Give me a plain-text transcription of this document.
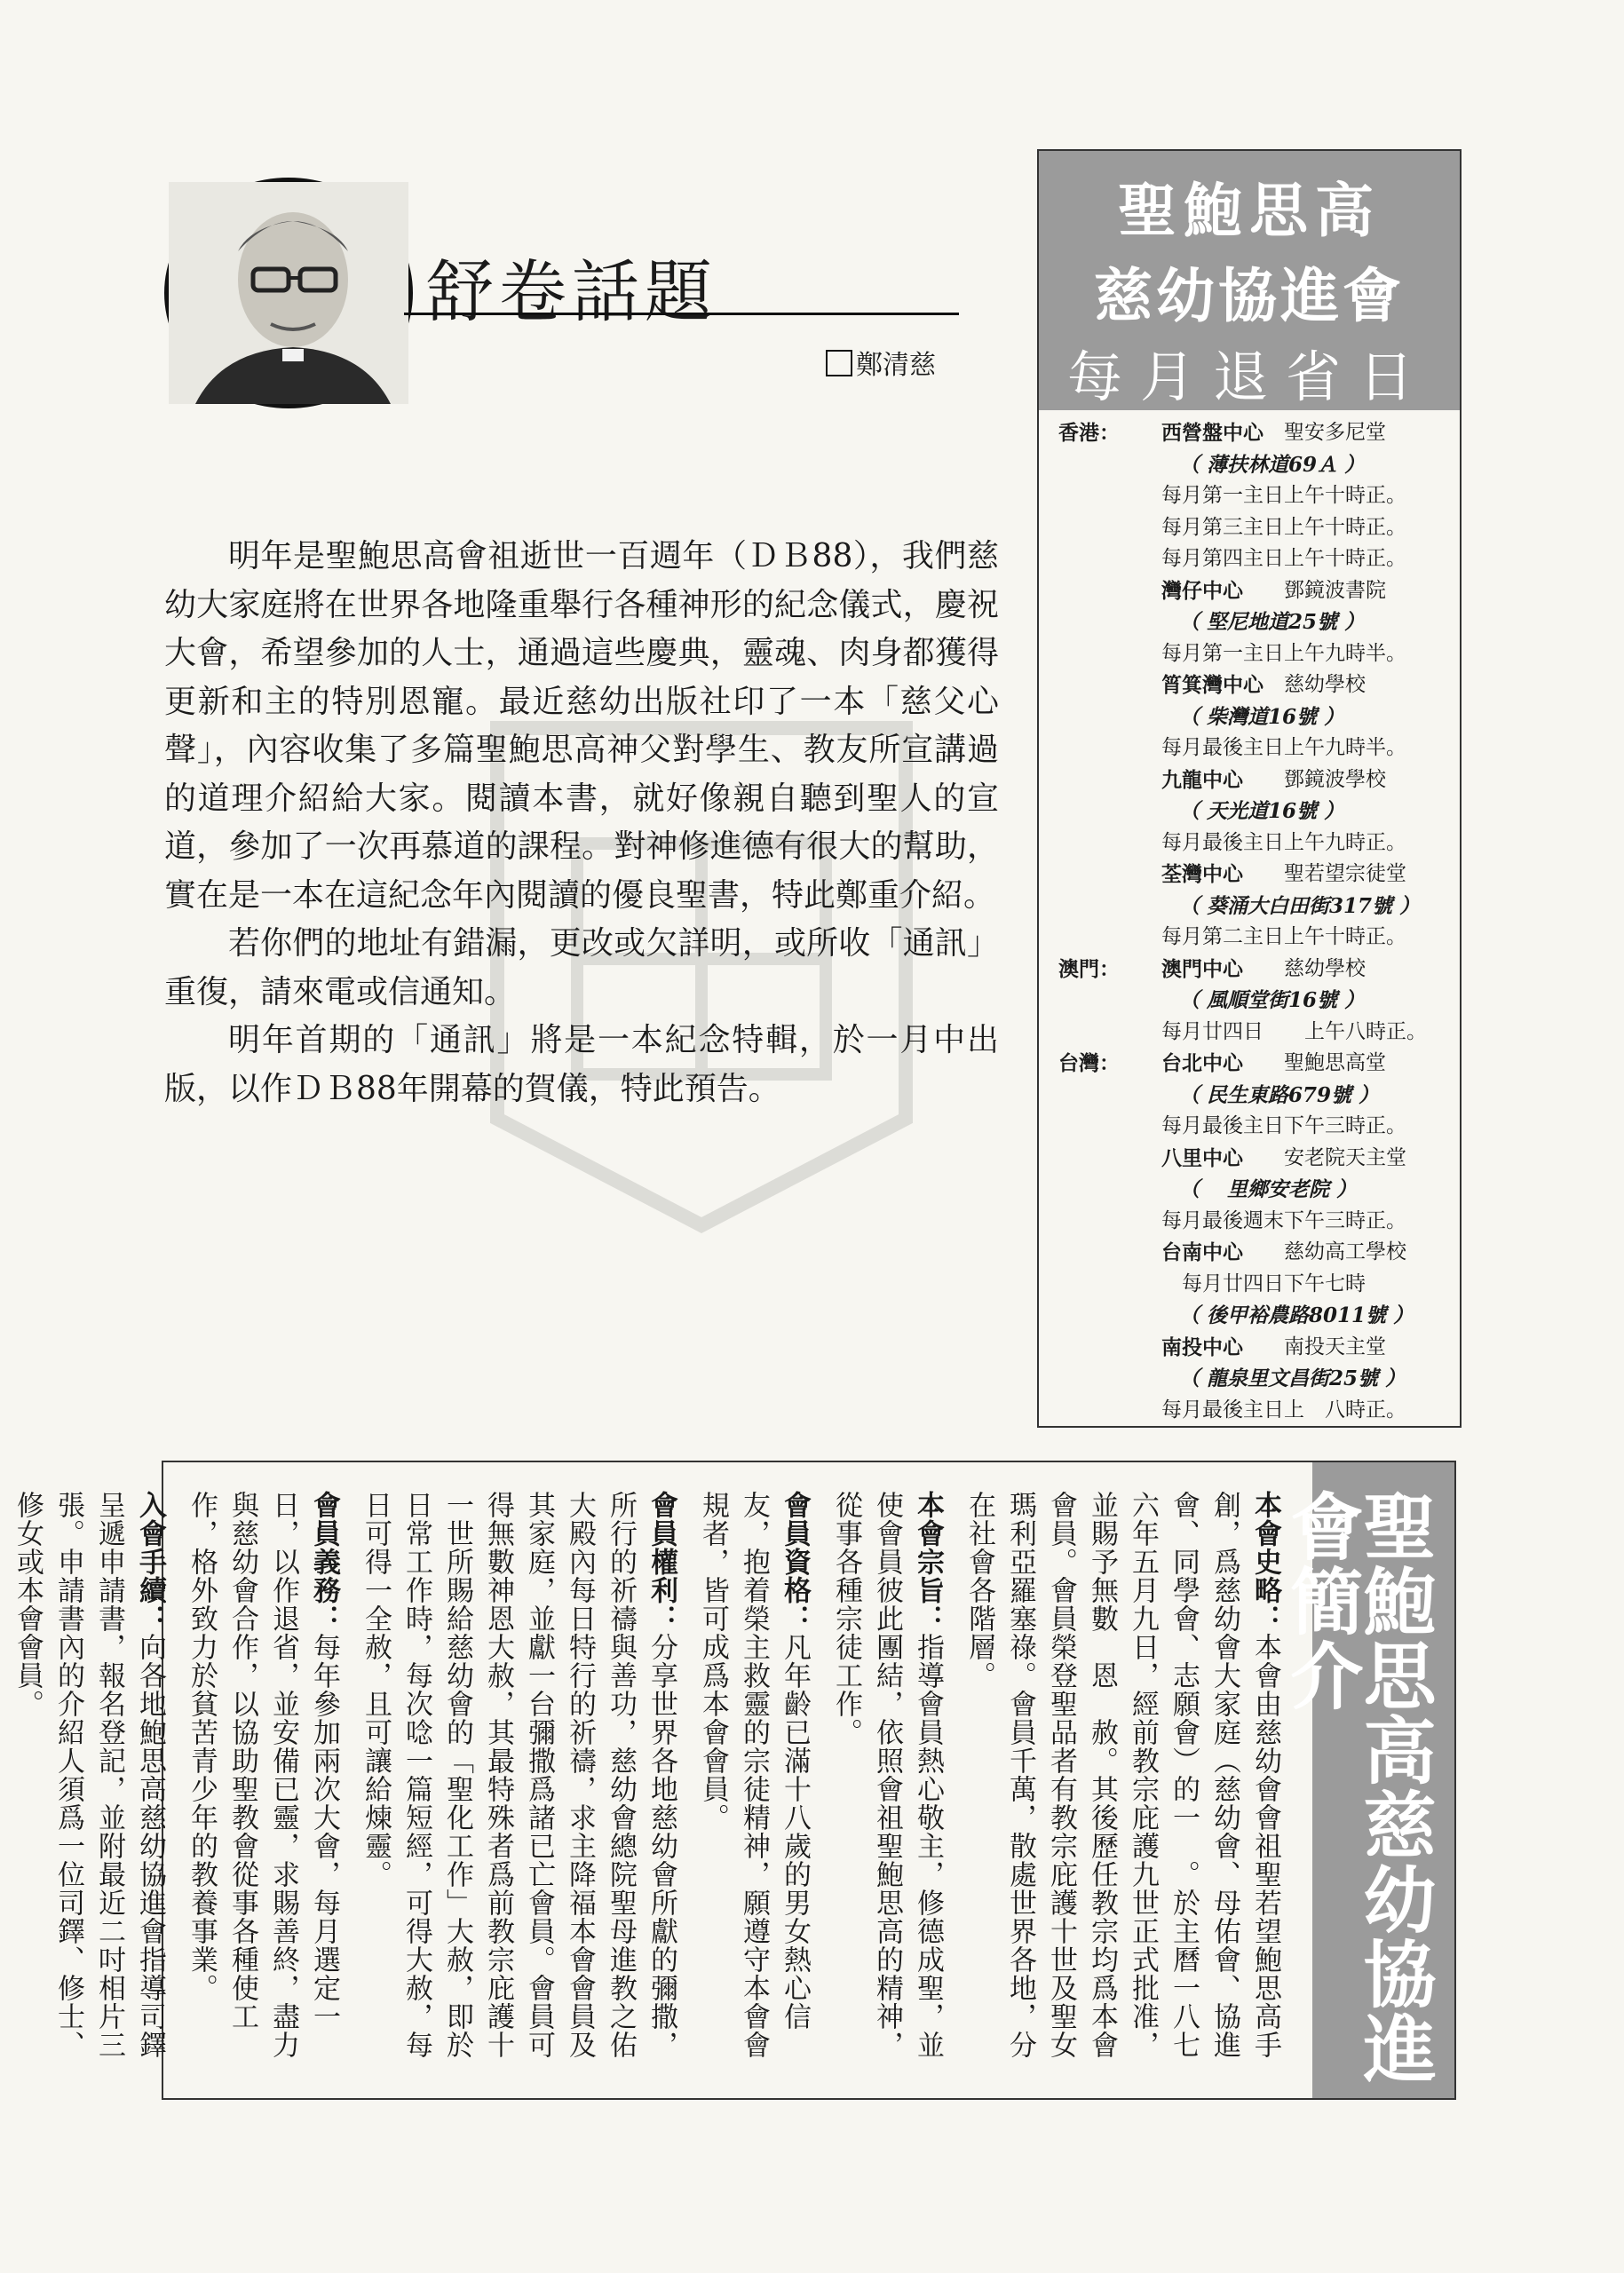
舒卷話題
鄭清慈

明年是聖鮑思高會祖逝世一百週年（ＤＢ88），我們慈幼大家庭將在世界各地隆重舉行各種神形的紀念儀式，慶祝大會，希望參加的人士，通過這些慶典，靈魂、肉身都獲得更新和主的特別恩寵。最近慈幼出版社印了一本「慈父心聲」，內容收集了多篇聖鮑思高神父對學生、教友所宣講過的道理介紹給大家。閱讀本書，就好像親自聽到聖人的宣道，參加了一次再慕道的課程。對神修進德有很大的幫助，實在是一本在這紀念年內閱讀的優良聖書，特此鄭重介紹。

若你們的地址有錯漏，更改或欠詳明，或所收「通訊」重復，請來電或信通知。

明年首期的「通訊」將是一本紀念特輯，於一月中出版，以作ＤＢ88年開幕的賀儀，特此預告。

聖鮑思高
慈幼協進會
每月退省日
香港： 西營盤中心 聖安多尼堂
（ 薄扶林道69Ａ ）
每月第一主日上午十時正。
每月第三主日上午十時正。
每月第四主日上午十時正。
灣仔中心 鄧鏡波書院
（ 堅尼地道25號 ）
每月第一主日上午九時半。
筲箕灣中心 慈幼學校
（ 柴灣道16號 ）
每月最後主日上午九時半。
九龍中心 鄧鏡波學校
（ 天光道16號 ）
每月最後主日上午九時正。
荃灣中心 聖若望宗徒堂
（ 葵涌大白田街317號 ）
每月第二主日上午十時正。
澳門： 澳門中心 慈幼學校
（ 風順堂街16號 ）
每月廿四日　　上午八時正。
台灣： 台北中心 聖鮑思高堂
（ 民生東路679號 ）
每月最後主日下午三時正。
八里中心 安老院天主堂
（　 里鄉安老院 ）
每月最後週末下午三時正。
台南中心 慈幼高工學校
　每月廿四日下午七時
（ 後甲裕農路8011號 ）
南投中心 南投天主堂
（ 龍泉里文昌街25號 ）
每月最後主日上　八時正。
聖鮑思高慈幼協進會簡介

本會史略：本會由慈幼會會祖聖若望鮑思高手創，爲慈幼會大家庭（慈幼會、母佑會、協進會、同學會、志願會）的一　。於主曆一八七六年五月九日，經前教宗庇護九世正式批准，並賜予無數　恩　赦。其後歷任教宗均爲本會會員。會員榮登聖品者有教宗庇護十世及聖女瑪利亞羅塞祿。會員千萬，散處世界各地，分在社會各階層。

本會宗旨：指導會員熱心敬主，修德成聖，並使會員彼此團結，依照會祖聖鮑思高的精神，從事各種宗徒工作。

會員資格：凡年齡已滿十八歲的男女熱心信友，抱着榮主救靈的宗徒精神，願遵守本會會規者，皆可成爲本會會員。

會員權利：分享世界各地慈幼會所獻的彌撒，所行的祈禱與善功，慈幼會總院聖母進教之佑大殿內每日特行的祈禱，求主降福本會會員及其家庭，並獻一台彌撒爲諸已亡會員。會員可得無數神恩大赦，其最特殊者爲前教宗庇護十一世所賜給慈幼會的「聖化工作」大赦，即於日常工作時，每次唸一篇短經，可得大赦，每日可得一全赦，且可讓給煉靈。

會員義務：每年參加兩次大會，每月選定一日，以作退省，並安備已靈，求賜善終，盡力與慈幼會合作，以協助聖教會從事各種使工作，格外致力於貧苦青少年的教養事業。

入會手續：向各地鮑思高慈幼協進會指導司鐸呈遞申請書，報名登記，並附最近二吋相片三張。申請書內的介紹人須爲一位司鐸、修士、修女或本會會員。
